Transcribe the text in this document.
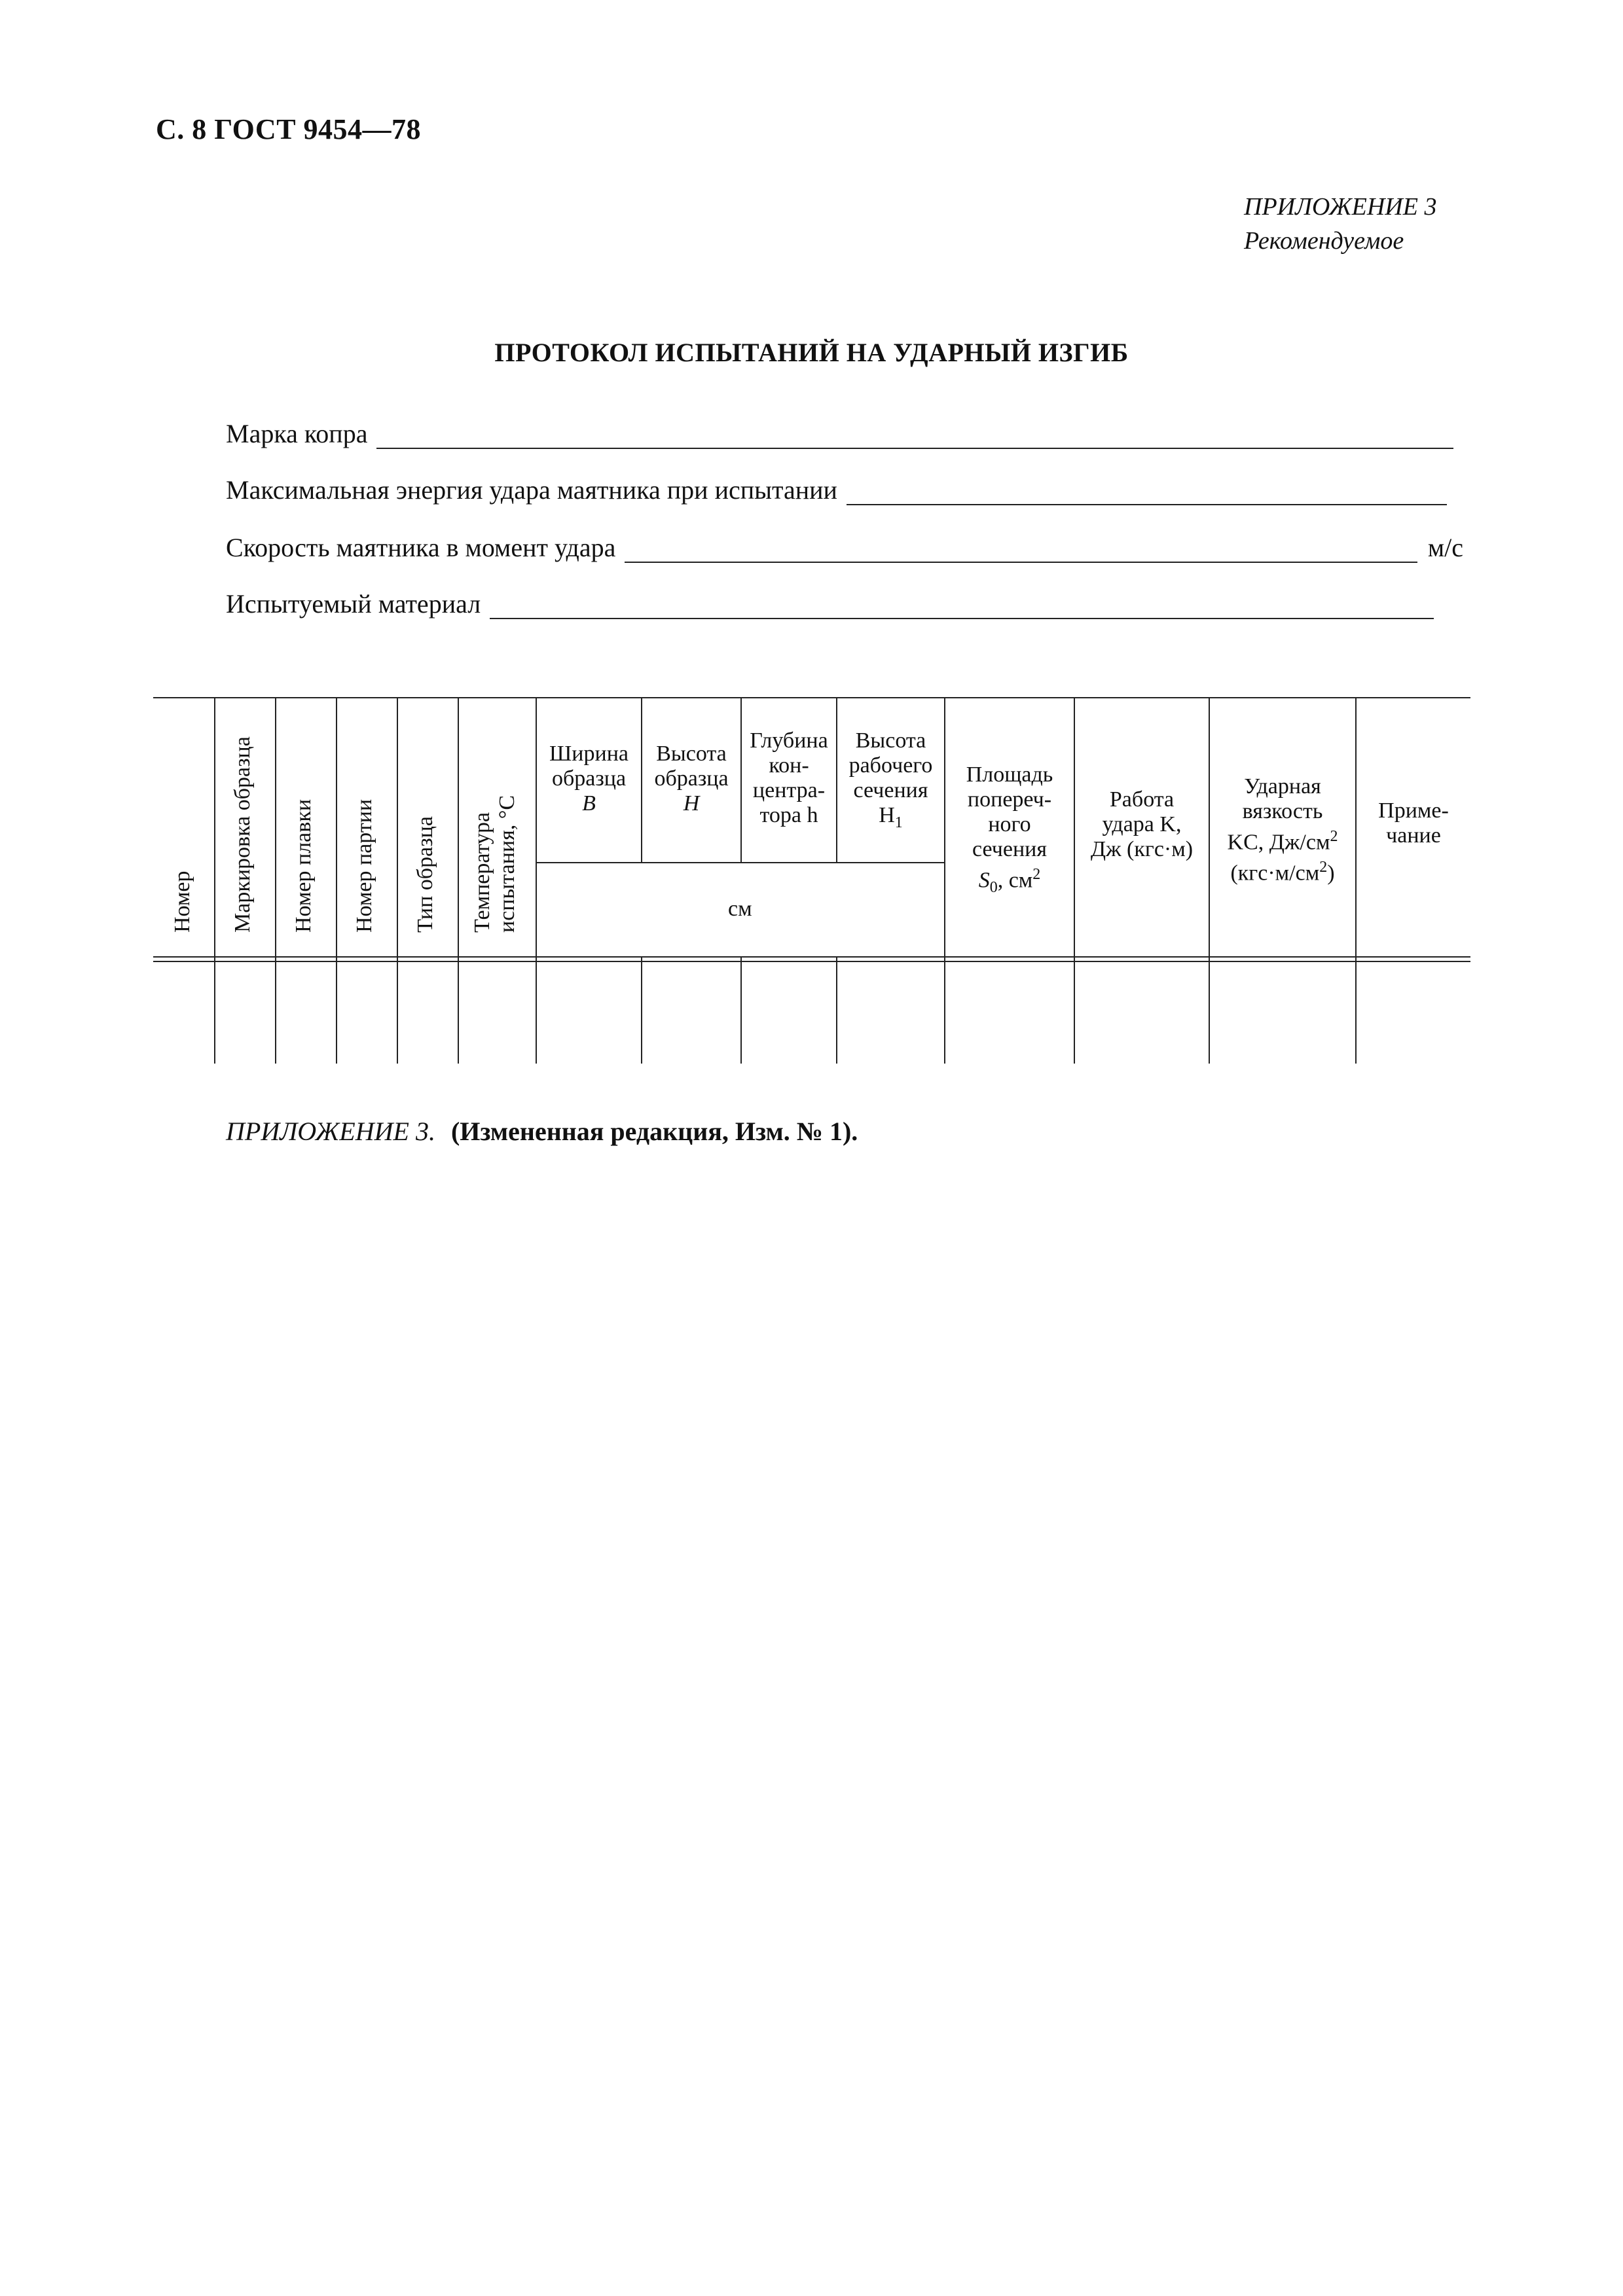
С. 8 ГОСТ 9454—78
ПРИЛОЖЕНИЕ 3
Рекомендуемое
ПРОТОКОЛ ИСПЫТАНИЙ НА УДАРНЫЙ ИЗГИБ
Марка копра
Максимальная энергия удара маятника при испытании
Скорость маятника в момент удара	м/с
Испытуемый материал
Номер Маркировка образца Номер плавки Номер партии Тип образца Температура испытания, °С
Ширина
образца
B
Высота
образца
H
Глубина
кон-
центра-
тора h
Высота
рабочего
сечения
$H_1$
Площадь
попереч-
ного
сечения
$S_0$, $см^2$
Работа
удара K,
Дж (кгс·м)
Ударная
вязкость
KC, $Дж/см^2$
$(кгс\cdot м/см^2)$
Приме-
чание
см
ПРИЛОЖЕНИЕ 3. (Измененная редакция, Изм. № 1).
